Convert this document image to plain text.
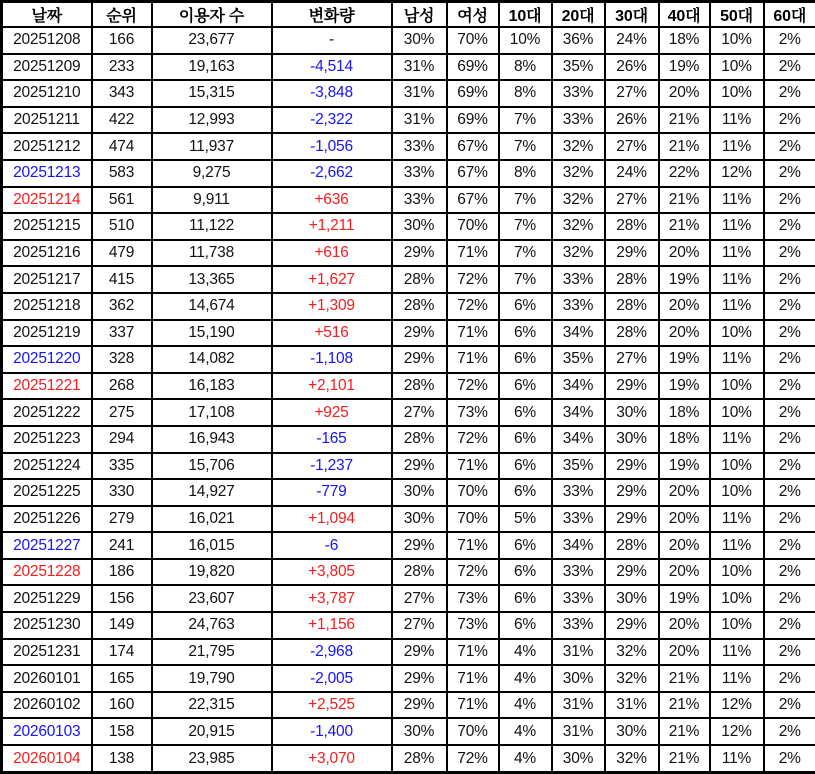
날짜	순위	이용자 수	변화량	남성	여성	10대	20대	30대	40대	50대	60대
20251208	166	23,677	-	30%	70%	10%	36%	24%	18%	10%	2%
20251209	233	19,163	-4,514	31%	69%	8%	35%	26%	19%	10%	2%
20251210	343	15,315	-3,848	31%	69%	8%	33%	27%	20%	10%	2%
20251211	422	12,993	-2,322	31%	69%	7%	33%	26%	21%	11%	2%
20251212	474	11,937	-1,056	33%	67%	7%	32%	27%	21%	11%	2%
20251213	583	9,275	-2,662	33%	67%	8%	32%	24%	22%	12%	2%
20251214	561	9,911	+636	33%	67%	7%	32%	27%	21%	11%	2%
20251215	510	11,122	+1,211	30%	70%	7%	32%	28%	21%	11%	2%
20251216	479	11,738	+616	29%	71%	7%	32%	29%	20%	11%	2%
20251217	415	13,365	+1,627	28%	72%	7%	33%	28%	19%	11%	2%
20251218	362	14,674	+1,309	28%	72%	6%	33%	28%	20%	11%	2%
20251219	337	15,190	+516	29%	71%	6%	34%	28%	20%	10%	2%
20251220	328	14,082	-1,108	29%	71%	6%	35%	27%	19%	11%	2%
20251221	268	16,183	+2,101	28%	72%	6%	34%	29%	19%	10%	2%
20251222	275	17,108	+925	27%	73%	6%	34%	30%	18%	10%	2%
20251223	294	16,943	-165	28%	72%	6%	34%	30%	18%	11%	2%
20251224	335	15,706	-1,237	29%	71%	6%	35%	29%	19%	10%	2%
20251225	330	14,927	-779	30%	70%	6%	33%	29%	20%	10%	2%
20251226	279	16,021	+1,094	30%	70%	5%	33%	29%	20%	11%	2%
20251227	241	16,015	-6	29%	71%	6%	34%	28%	20%	11%	2%
20251228	186	19,820	+3,805	28%	72%	6%	33%	29%	20%	10%	2%
20251229	156	23,607	+3,787	27%	73%	6%	33%	30%	19%	10%	2%
20251230	149	24,763	+1,156	27%	73%	6%	33%	29%	20%	10%	2%
20251231	174	21,795	-2,968	29%	71%	4%	31%	32%	20%	11%	2%
20260101	165	19,790	-2,005	29%	71%	4%	30%	32%	21%	11%	2%
20260102	160	22,315	+2,525	29%	71%	4%	31%	31%	21%	12%	2%
20260103	158	20,915	-1,400	30%	70%	4%	31%	30%	21%	12%	2%
20260104	138	23,985	+3,070	28%	72%	4%	30%	32%	21%	11%	2%
